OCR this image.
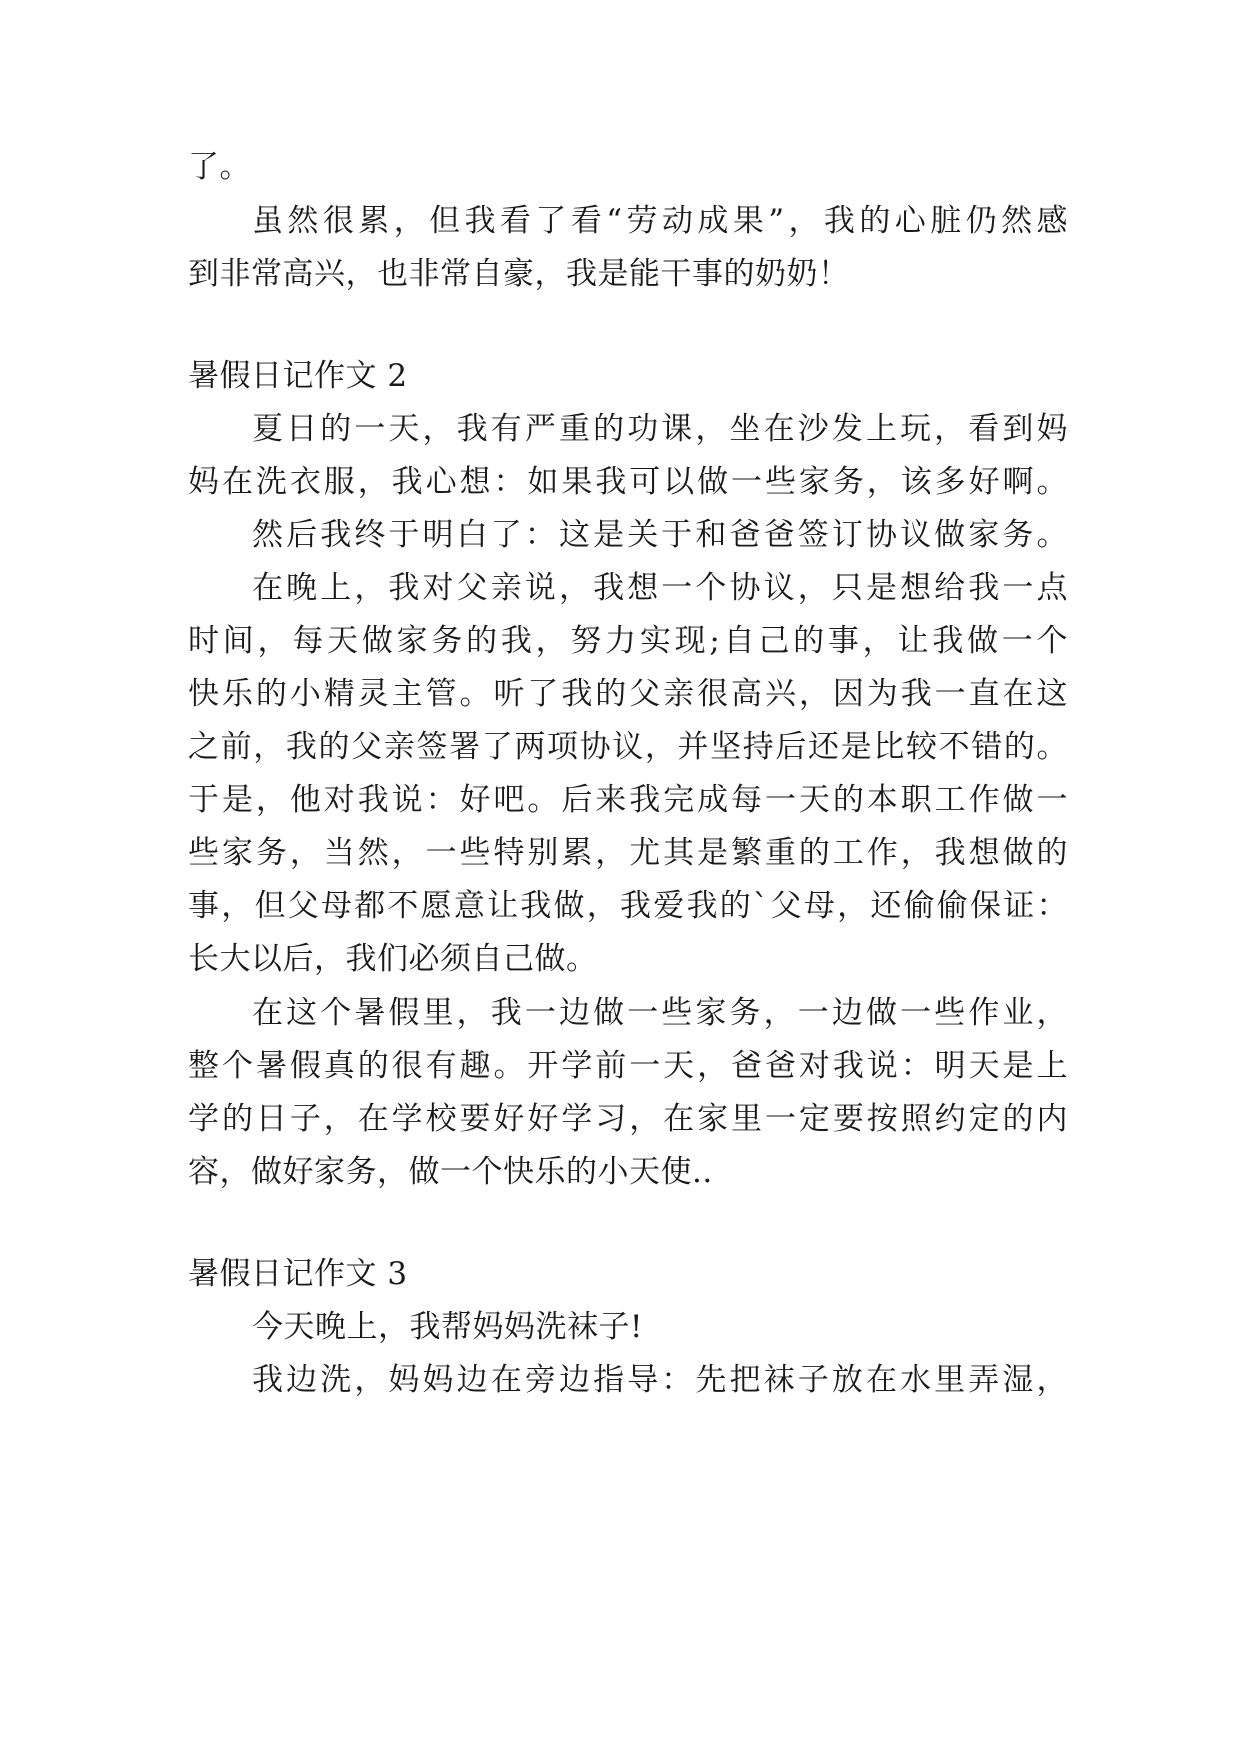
了。

虽然很累，但我看了看“劳动成果”，我的心脏仍然感

到非常高兴，也非常自豪，我是能干事的奶奶！

暑假日记作文 2

夏日的一天，我有严重的功课，坐在沙发上玩，看到妈

妈在洗衣服，我心想：如果我可以做一些家务，该多好啊。

然后我终于明白了：这是关于和爸爸签订协议做家务。

在晚上，我对父亲说，我想一个协议，只是想给我一点

时间，每天做家务的我，努力实现;自己的事，让我做一个

快乐的小精灵主管。听了我的父亲很高兴，因为我一直在这

之前，我的父亲签署了两项协议，并坚持后还是比较不错的。

于是，他对我说：好吧。后来我完成每一天的本职工作做一

些家务，当然，一些特别累，尤其是繁重的工作，我想做的

事，但父母都不愿意让我做，我爱我的`父母，还偷偷保证：

长大以后，我们必须自己做。

在这个暑假里，我一边做一些家务，一边做一些作业，

整个暑假真的很有趣。开学前一天，爸爸对我说：明天是上

学的日子，在学校要好好学习，在家里一定要按照约定的内

容，做好家务，做一个快乐的小天使..

暑假日记作文 3

今天晚上，我帮妈妈洗袜子!

我边洗，妈妈边在旁边指导：先把袜子放在水里弄湿，
